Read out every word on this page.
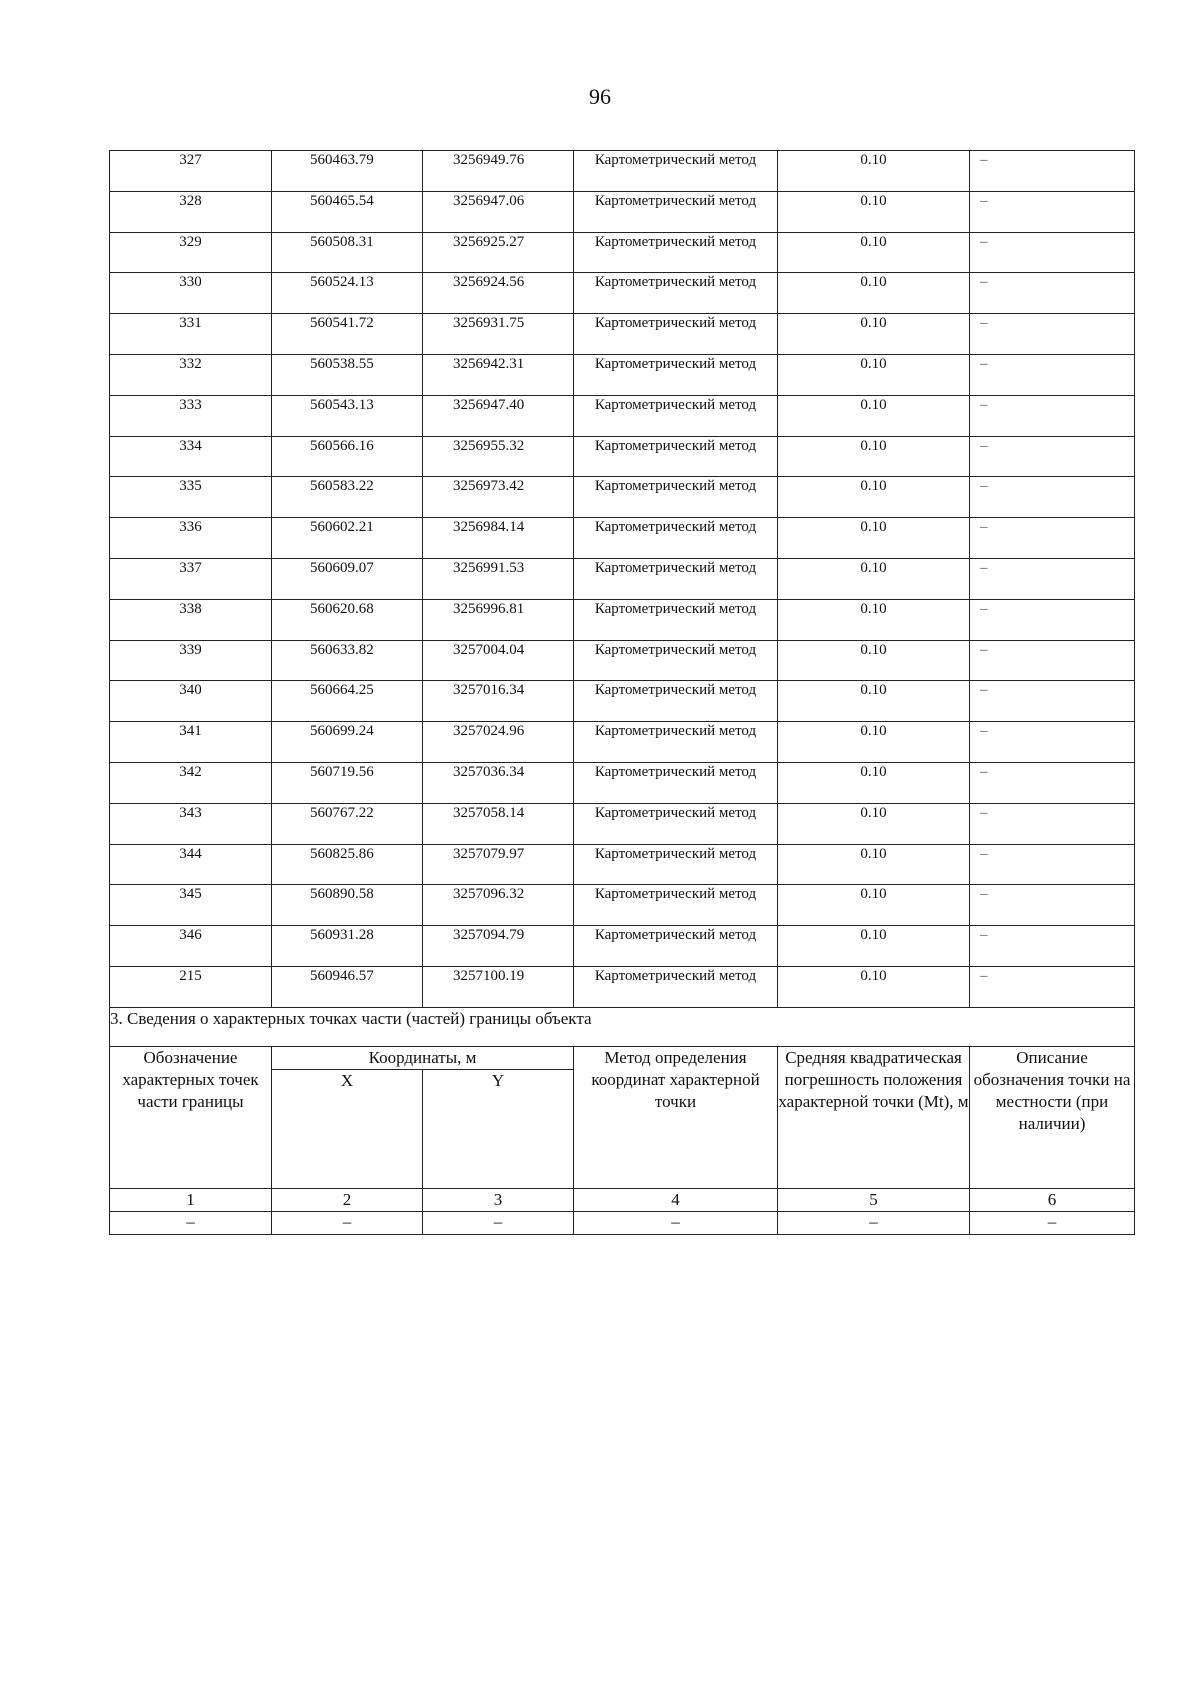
96
327	560463.79	3256949.76	Картометрический метод	0.10	–
328	560465.54	3256947.06	Картометрический метод	0.10	–
329	560508.31	3256925.27	Картометрический метод	0.10	–
330	560524.13	3256924.56	Картометрический метод	0.10	–
331	560541.72	3256931.75	Картометрический метод	0.10	–
332	560538.55	3256942.31	Картометрический метод	0.10	–
333	560543.13	3256947.40	Картометрический метод	0.10	–
334	560566.16	3256955.32	Картометрический метод	0.10	–
335	560583.22	3256973.42	Картометрический метод	0.10	–
336	560602.21	3256984.14	Картометрический метод	0.10	–
337	560609.07	3256991.53	Картометрический метод	0.10	–
338	560620.68	3256996.81	Картометрический метод	0.10	–
339	560633.82	3257004.04	Картометрический метод	0.10	–
340	560664.25	3257016.34	Картометрический метод	0.10	–
341	560699.24	3257024.96	Картометрический метод	0.10	–
342	560719.56	3257036.34	Картометрический метод	0.10	–
343	560767.22	3257058.14	Картометрический метод	0.10	–
344	560825.86	3257079.97	Картометрический метод	0.10	–
345	560890.58	3257096.32	Картометрический метод	0.10	–
346	560931.28	3257094.79	Картометрический метод	0.10	–
215	560946.57	3257100.19	Картометрический метод	0.10	–
3. Сведения о характерных точках части (частей) границы объекта					
Обозначение характерных точек части границы	Координаты, м		Метод определения координат характерной точки	Средняя квадратическая погрешность положения характерной точки (Mt), м	Описание обозначения точки на местности (при наличии)
	X	Y			
1	2	3	4	5	6
–	–	–	–	–	–
